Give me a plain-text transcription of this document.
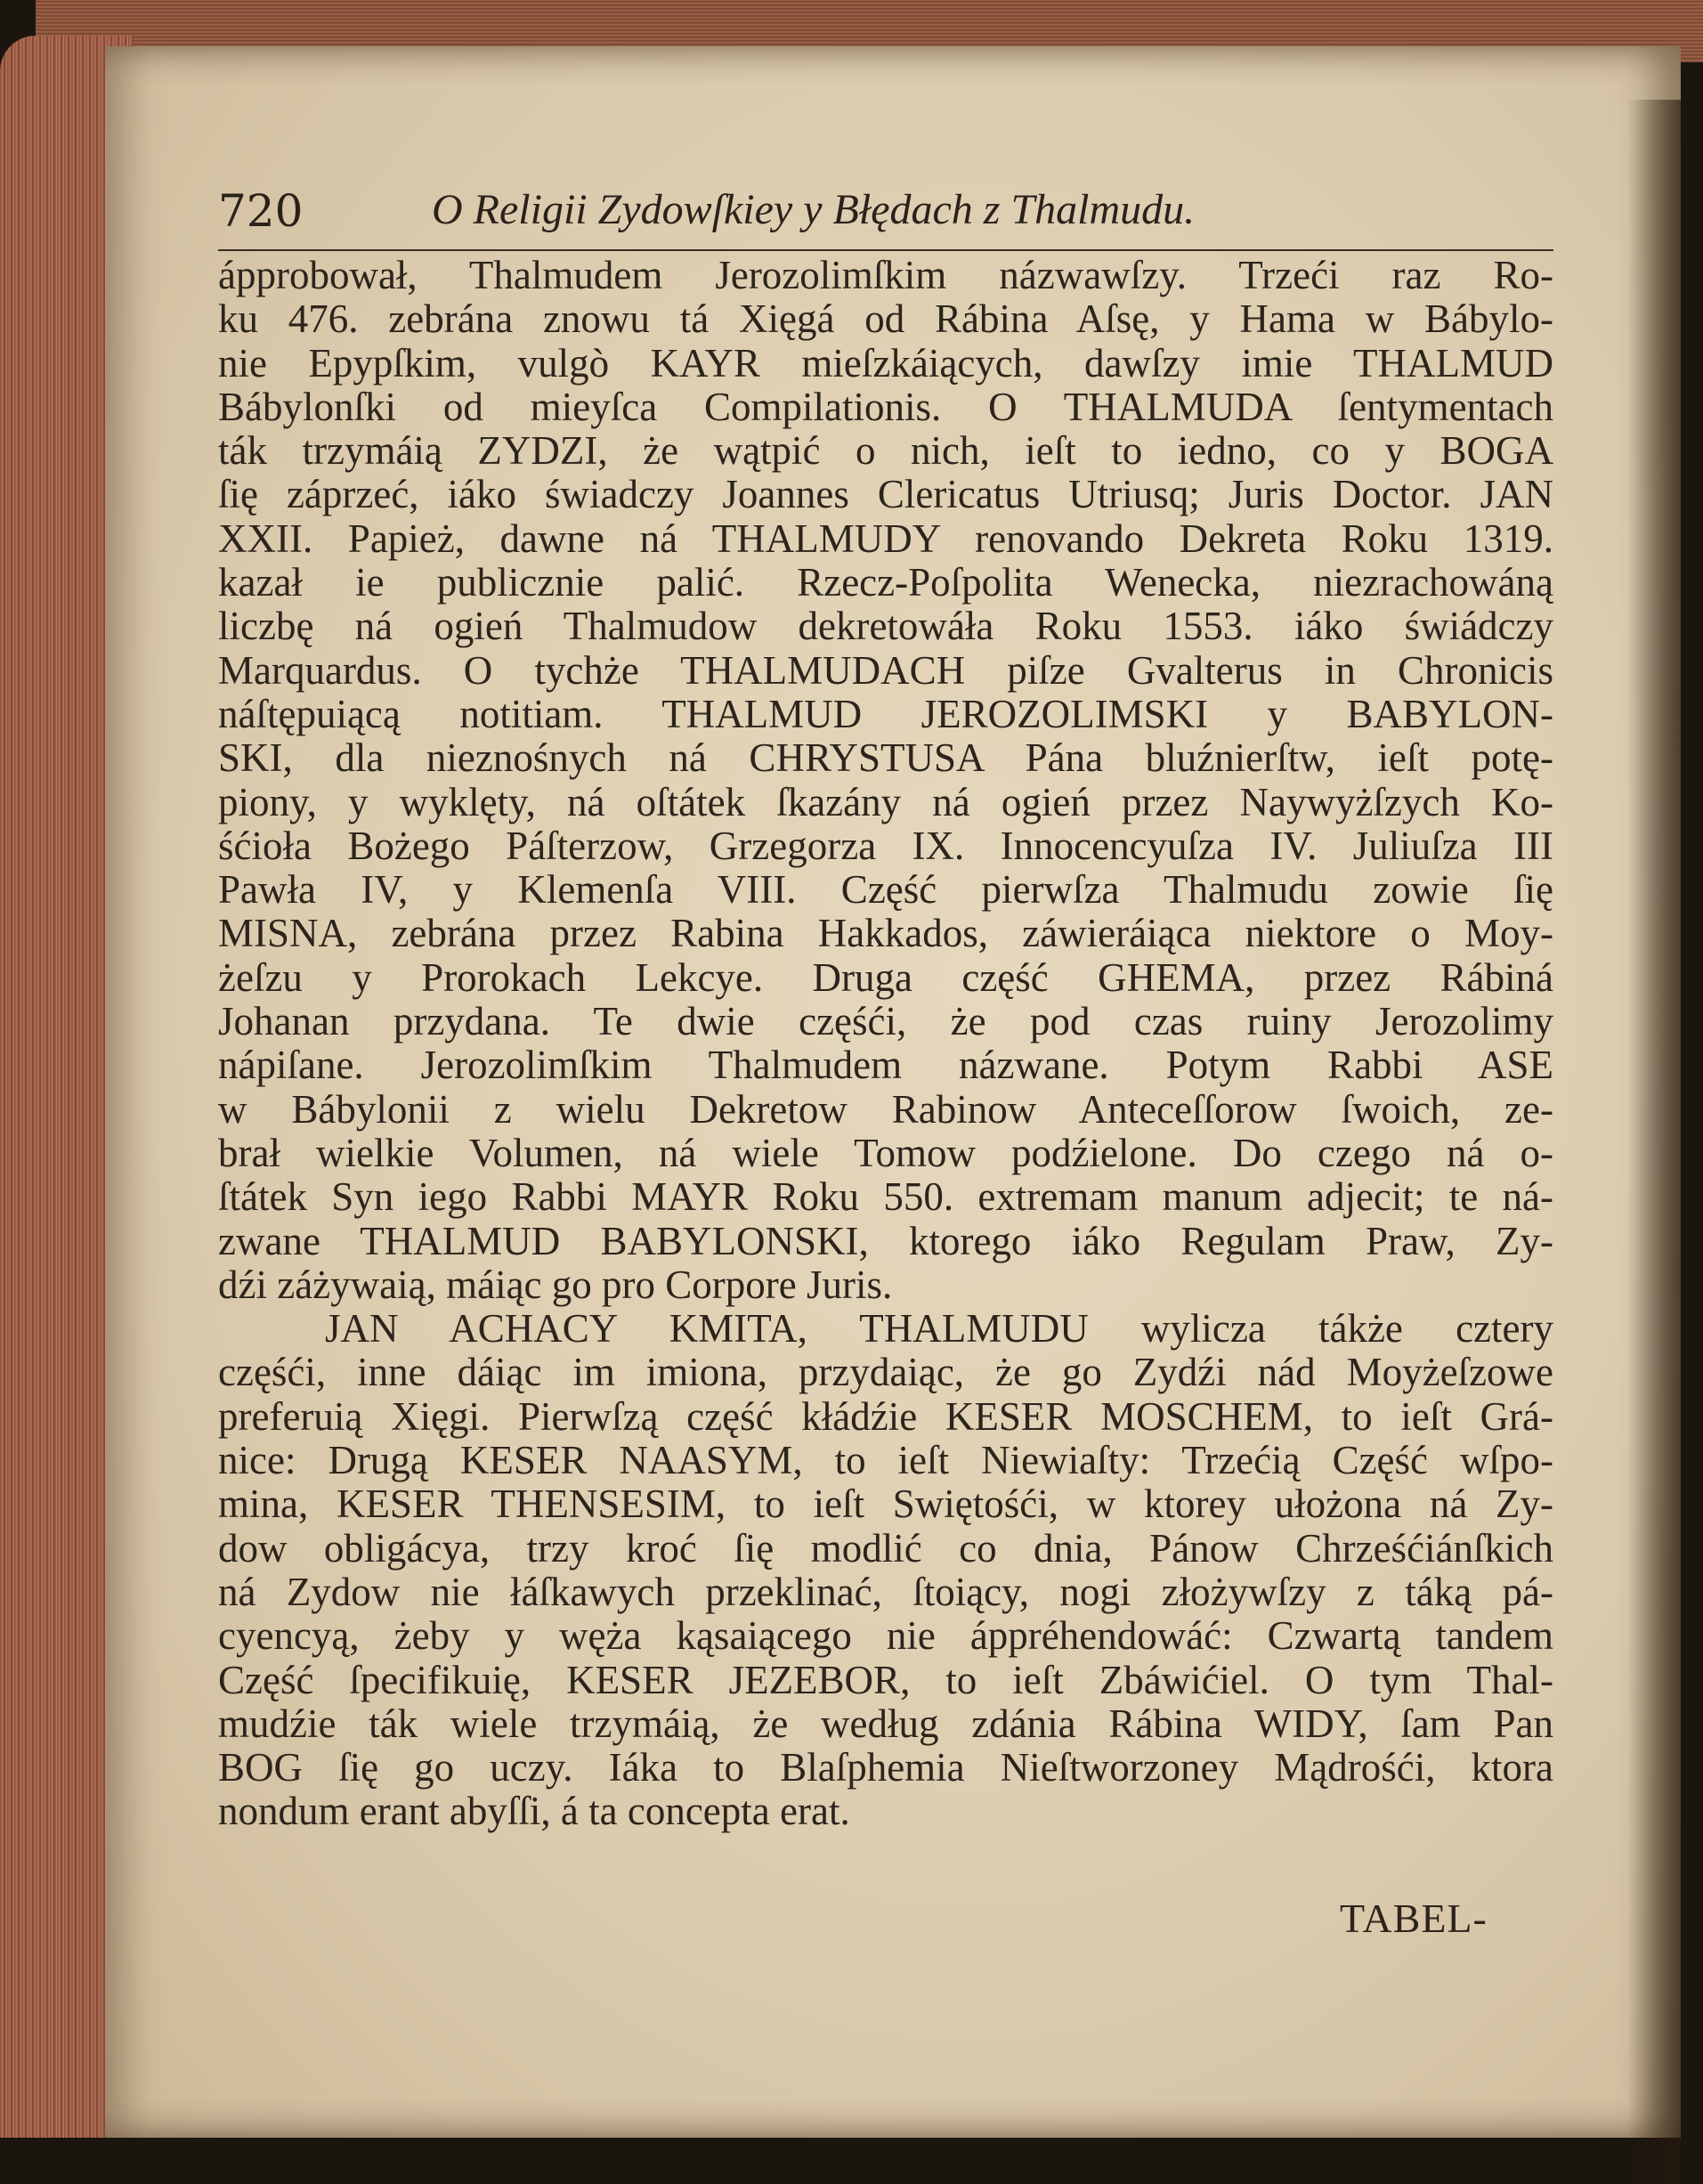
720	O Religii Zydowſkiey y Błędach z Thalmudu.
ápprobował, Thalmudem Jerozolimſkim názwawſzy. Trzeći raz Ro-
ku 476. zebrána znowu tá Xięgá od Rábina Aſsę, y Hama w Bábylo-
nie Epypſkim, vulgò KAYR mieſzkáiących, dawſzy imie THALMUD
Bábylonſki od mieyſca Compilationis. O THALMUDA ſentymentach
ták trzymáią ZYDZI, że wątpić o nich, ieſt to iedno, co y BOGA
ſię záprzeć, iáko świadczy Joannes Clericatus Utriusq; Juris Doctor. JAN
XXII. Papież, dawne ná THALMUDY renovando Dekreta Roku 1319.
kazał ie publicznie palić. Rzecz-Poſpolita Wenecka, niezrachowáną
liczbę ná ogień Thalmudow dekretowáła Roku 1553. iáko świádczy
Marquardus. O tychże THALMUDACH piſze Gvalterus in Chronicis
náſtępuiącą notitiam. THALMUD JEROZOLIMSKI y BABYLON-
SKI, dla nieznośnych ná CHRYSTUSA Pána bluźnierſtw, ieſt potę-
piony, y wyklęty, ná oſtátek ſkazány ná ogień przez Naywyżſzych Ko-
śćioła Bożego Páſterzow, Grzegorza IX. Innocencyuſza IV. Juliuſza III
Pawła IV, y Klemenſa VIII. Część pierwſza Thalmudu zowie ſię
MISNA, zebrána przez Rabina Hakkados, záwieráiąca niektore o Moy-
żeſzu y Prorokach Lekcye. Druga część GHEMA, przez Rábiná
Johanan przydana. Te dwie częśći, że pod czas ruiny Jerozolimy
nápiſane. Jerozolimſkim Thalmudem názwane. Potym Rabbi ASE
w Bábylonii z wielu Dekretow Rabinow Anteceſſorow ſwoich, ze-
brał wielkie Volumen, ná wiele Tomow podźielone. Do czego ná o-
ſtátek Syn iego Rabbi MAYR Roku 550. extremam manum adjecit; te ná-
zwane THALMUD BABYLONSKI, ktorego iáko Regulam Praw, Zy-
dźi záżywaią, máiąc go pro Corpore Juris.
JAN ACHACY KMITA, THALMUDU wylicza tákże cztery
częśći, inne dáiąc im imiona, przydaiąc, że go Zydźi nád Moyżeſzowe
preferuią Xięgi. Pierwſzą część kłádźie KESER MOSCHEM, to ieſt Grá-
nice: Drugą KESER NAASYM, to ieſt Niewiaſty: Trzećią Część wſpo-
mina, KESER THENSESIM, to ieſt Swiętośći, w ktorey ułożona ná Zy-
dow obligácya, trzy kroć ſię modlić co dnia, Pánow Chrześćiánſkich
ná Zydow nie łáſkawych przeklinać, ſtoiący, nogi złożywſzy z táką pá-
cyencyą, żeby y węża kąsaiącego nie áppréhendowáć: Czwartą tandem
Część ſpecifikuię, KESER JEZEBOR, to ieſt Zbáwićiel. O tym Thal-
mudźie ták wiele trzymáią, że według zdánia Rábina WIDY, ſam Pan
BOG ſię go uczy. Iáka to Blaſphemia Nieſtworzoney Mądrośći, ktora
nondum erant abyſſi, á ta concepta erat.
TABEL-
